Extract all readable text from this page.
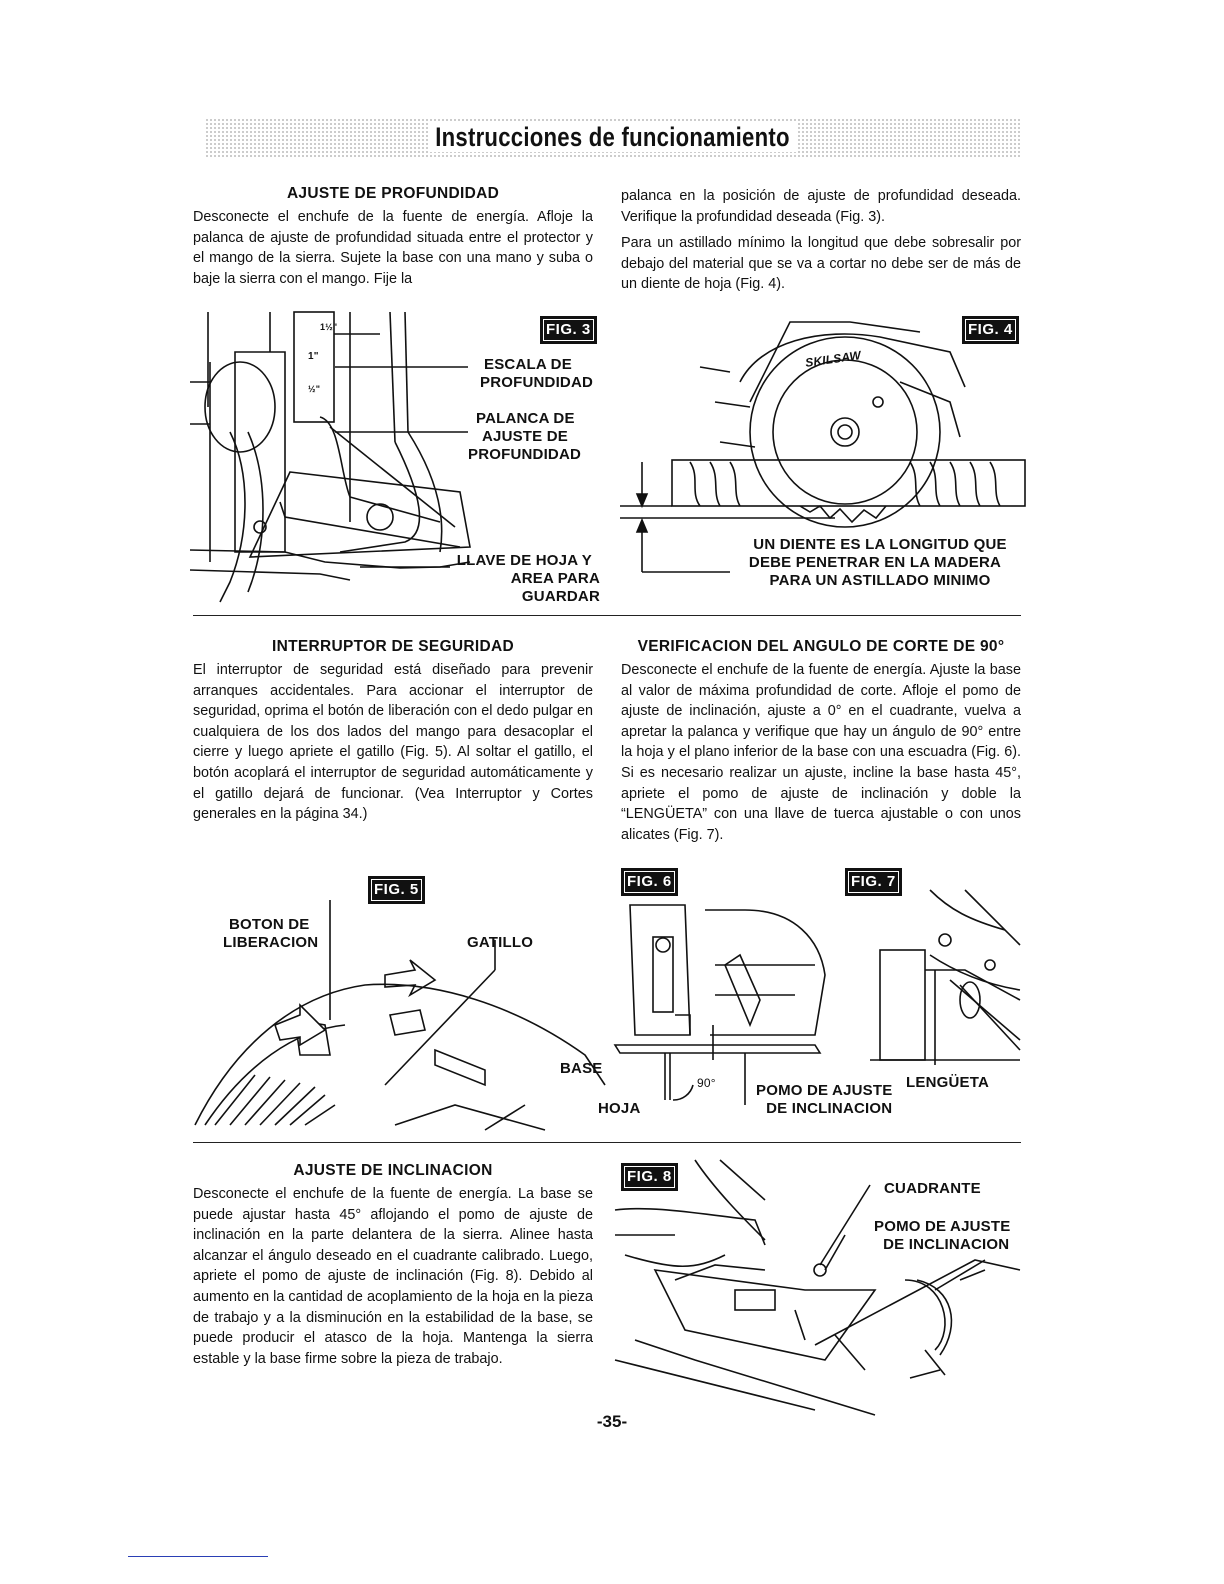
Instrucciones de funcionamiento
AJUSTE DE PROFUNDIDAD

Desconecte el enchufe de la fuente de energía. Afloje la palanca de ajuste de profundidad situada entre el protector y el mango de la sierra. Sujete la base con una mano y suba o baje la sierra con el mango. Fije la

palanca en la posición de ajuste de profundidad deseada. Verifique la profundidad deseada (Fig. 3).

Para un astillado mínimo la longitud que debe sobresalir por debajo del material que se va a cortar no debe ser de más de un diente de hoja (Fig. 4).

FIG. 3
1½"
1"
½"
ESCALA DE
PROFUNDIDAD
PALANCA DE
AJUSTE DE
PROFUNDIDAD
LLAVE DE HOJA Y
AREA PARA GUARDAR
SKILSAW
FIG. 4
UN DIENTE ES LA LONGITUD QUE
DEBE PENETRAR EN LA MADERA
PARA UN ASTILLADO MINIMO
INTERRUPTOR DE SEGURIDAD

El interruptor de seguridad está diseñado para prevenir arranques accidentales. Para accionar el interruptor de seguridad, oprima el botón de liberación con el dedo pulgar en cualquiera de los dos lados del mango para desacoplar el cierre y luego apriete el gatillo (Fig. 5). Al soltar el gatillo, el botón acoplará el interruptor de seguridad automáticamente y el gatillo dejará de funcionar. (Vea Interruptor y Cortes generales en la página 34.)

VERIFICACION DEL ANGULO DE CORTE DE 90°

Desconecte el enchufe de la fuente de energía. Ajuste la base al valor de máxima profundidad de corte. Afloje el pomo de ajuste de inclinación, ajuste a 0° en el cuadrante, vuelva a apretar la palanca y verifique que hay un ángulo de 90° entre la hoja y el plano inferior de la base con una escuadra (Fig. 6). Si es necesario realizar un ajuste, incline la base hasta 45°, apriete el pomo de ajuste de inclinación y doble la “LENGÜETA” con una llave de tuerca ajustable o con unos alicates (Fig. 7).

FIG. 5
BOTON DE
LIBERACION	GATILLO
FIG. 6
BASE
HOJA
90°	POMO DE AJUSTE
DE INCLINACION
FIG. 7
LENGÜETA
AJUSTE DE INCLINACION

Desconecte el enchufe de la fuente de energía. La base se puede ajustar hasta 45° aflojando el pomo de ajuste de inclinación en la parte delantera de la sierra. Alinee hasta alcanzar el ángulo deseado en el cuadrante calibrado. Luego, apriete el pomo de ajuste de inclinación (Fig. 8). Debido al aumento en la cantidad de acoplamiento de la hoja en la pieza de trabajo y a la disminución en la estabilidad de la base, se puede producir el atasco de la hoja. Mantenga la sierra estable y la base firme sobre la pieza de trabajo.

FIG. 8
CUADRANTE
POMO DE AJUSTE
DE INCLINACION
-35-
